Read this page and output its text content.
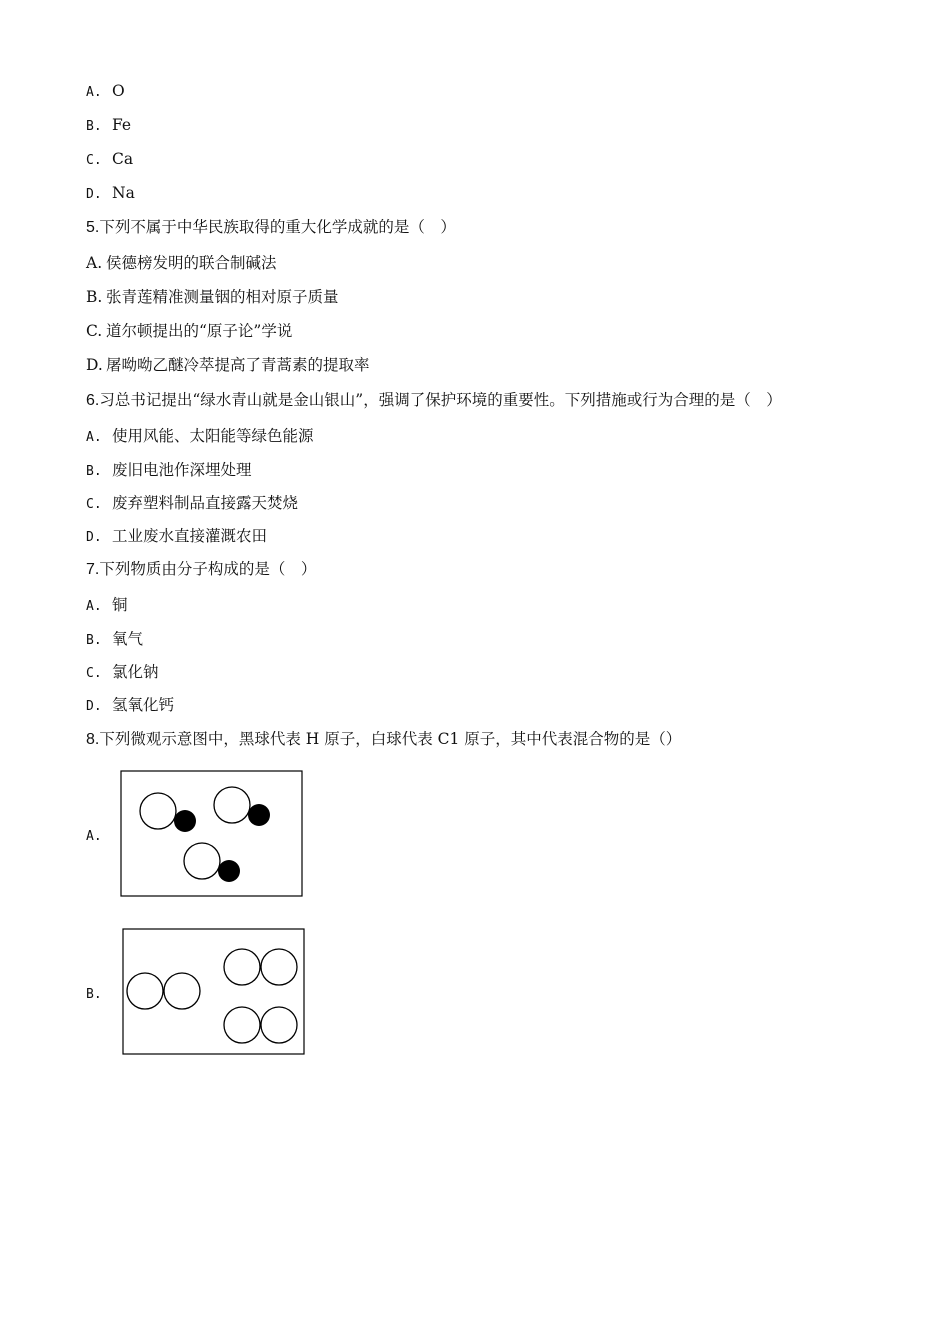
A. O
B. Fe
C. Ca
D. Na
5.下列不属于中华民族取得的重大化学成就的是（　）
A. 侯德榜发明的联合制碱法
B. 张青莲精准测量铟的相对原子质量
C. 道尔顿提出的“原子论”学说
D. 屠呦呦乙醚冷萃提高了青蒿素的提取率
6.习总书记提出“绿水青山就是金山银山”，强调了保护环境的重要性。下列措施或行为合理的是（　）
A. 使用风能、太阳能等绿色能源
B. 废旧电池作深埋处理
C. 废弃塑料制品直接露天焚烧
D. 工业废水直接灌溉农田
7.下列物质由分子构成的是（　）
A. 铜
B. 氧气
C. 氯化钠
D. 氢氧化钙
8.下列微观示意图中，黑球代表 H 原子，白球代表 C1 原子，其中代表混合物的是（）
A.
B.
